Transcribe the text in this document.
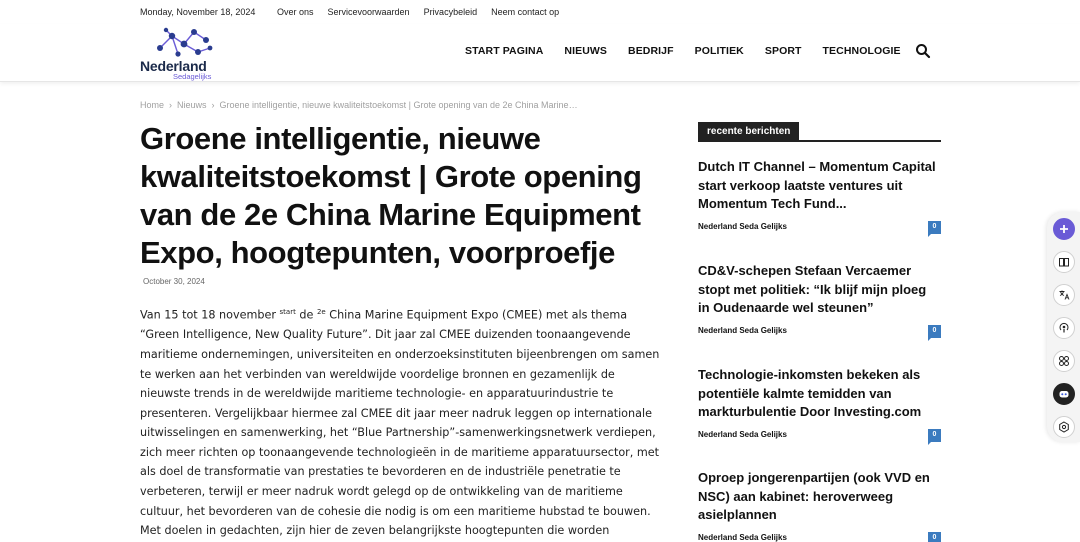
Monday, November 18, 2024 Over ons Servicevoorwaarden Privacybeleid Neem contact op
Nederland
Sedagelijks
START PAGINA NIEUWS BEDRIJF POLITIEK SPORT TECHNOLOGIE
Home › Nieuws › Groene intelligentie, nieuwe kwaliteitstoekomst | Grote opening van de 2e China Marine…
Groene intelligentie, nieuwe kwaliteitstoekomst | Grote opening van de 2e China Marine Equipment Expo, hoogtepunten, voorproefje
October 30, 2024

Van 15 tot 18 november $^{start}$ de $^{2e}$ China Marine Equipment Expo (CMEE) met als thema “Green Intelligence, New Quality Future”. Dit jaar zal CMEE duizenden toonaangevende maritieme ondernemingen, universiteiten en onderzoeksinstituten bijeenbrengen om samen te werken aan het verbinden van wereldwijde voordelige bronnen en gezamenlijk de nieuwste trends in de wereldwijde maritieme technologie- en apparatuurindustrie te presenteren. Vergelijkbaar hiermee zal CMEE dit jaar meer nadruk leggen op internationale uitwisselingen en samenwerking, het “Blue Partnership”-samenwerkingsnetwerk verdiepen, zich meer richten op toonaangevende technologieën in de maritieme apparatuursector, met als doel de transformatie van prestaties te bevorderen en de industriële penetratie te verbeteren, terwijl er meer nadruk wordt gelegd op de ontwikkeling van de maritieme cultuur, het bevorderen van de cohesie die nodig is om een maritieme hubstad te bouwen. Met doelen in gedachten, zijn hier de zeven belangrijkste hoogtepunten die worden

recente berichten
Dutch IT Channel – Momentum Capital start verkoop laatste ventures uit Momentum Tech Fund...
Nederland Seda Gelijks	0
CD&V-schepen Stefaan Vercaemer stopt met politiek: “Ik blijf mijn ploeg in Oudenaarde wel steunen”
Nederland Seda Gelijks	0
Technologie-inkomsten bekeken als potentiële kalmte temidden van markturbulentie Door Investing.com
Nederland Seda Gelijks	0
Oproep jongerenpartijen (ook VVD en NSC) aan kabinet: heroverweeg asielplannen
Nederland Seda Gelijks	0
